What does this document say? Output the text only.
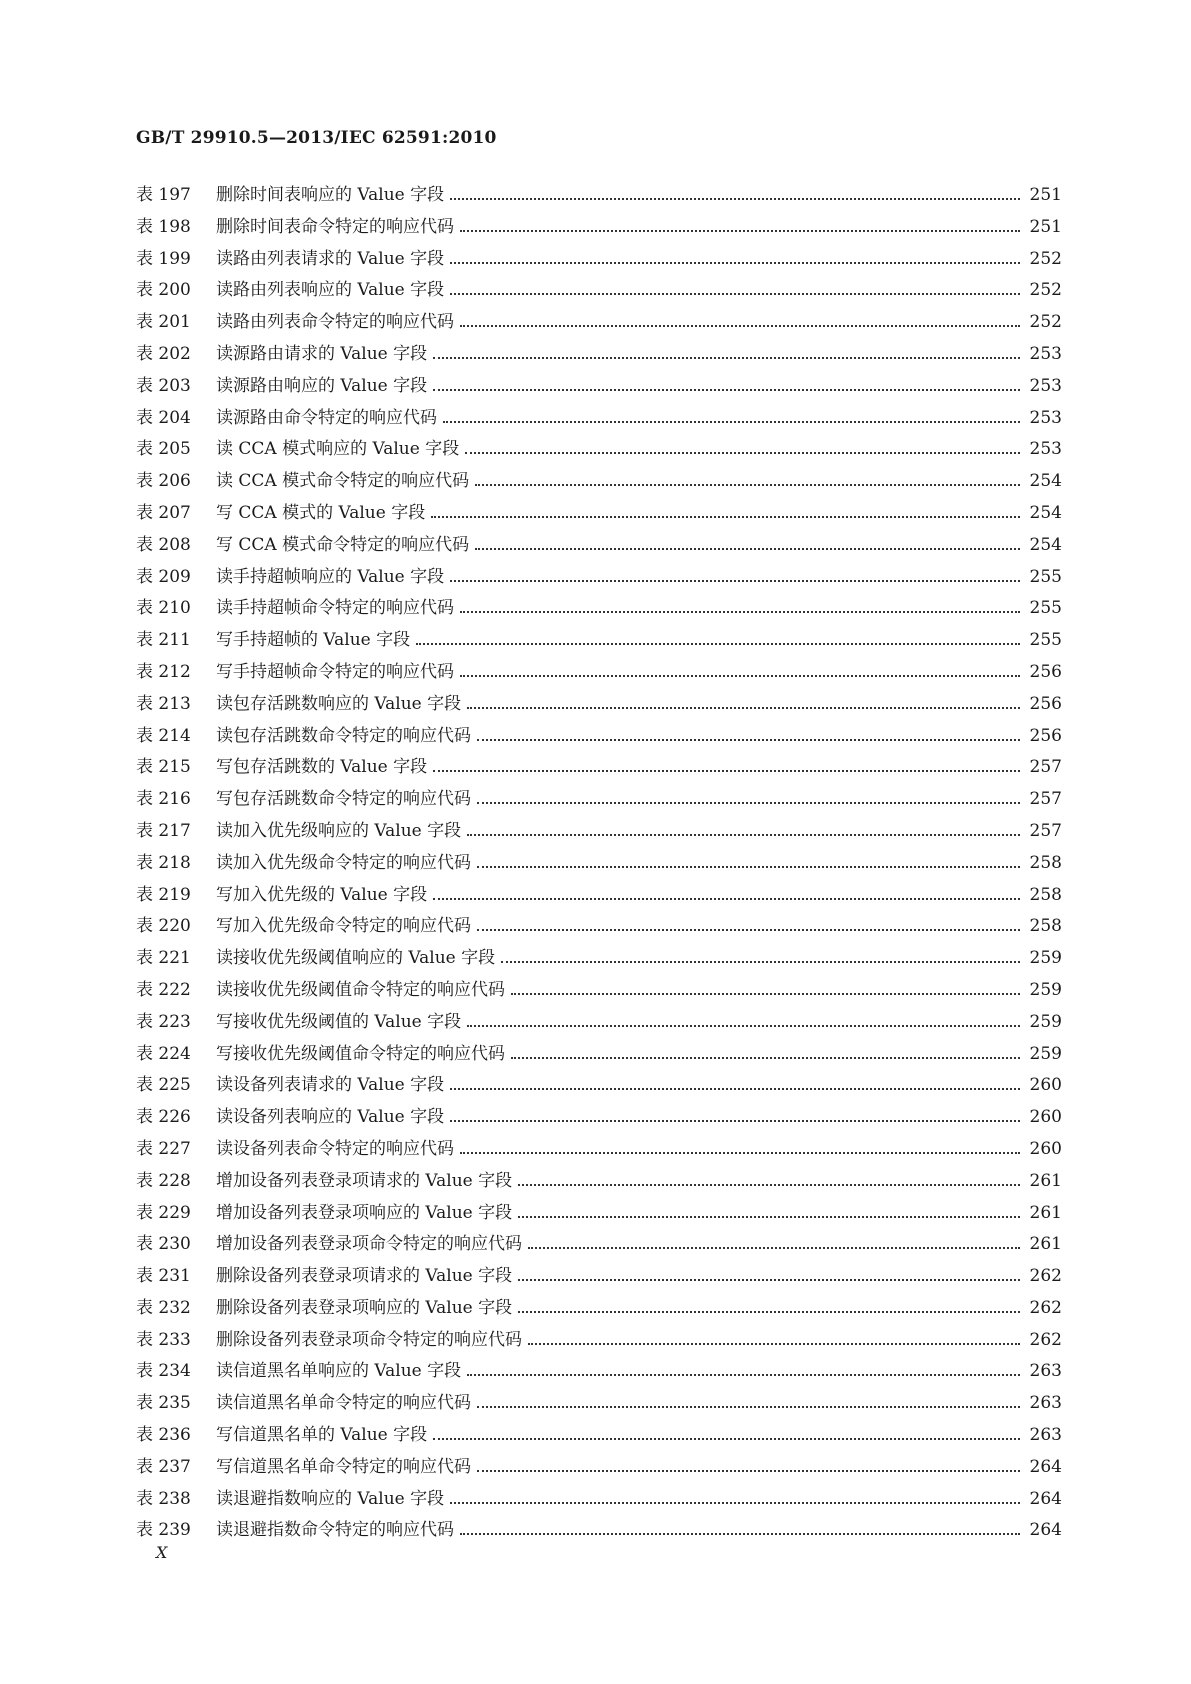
GB/T 29910.5—2013/IEC 62591:2010
表 197	删除时间表响应的 Value 字段	251
表 198	删除时间表命令特定的响应代码	251
表 199	读路由列表请求的 Value 字段	252
表 200	读路由列表响应的 Value 字段	252
表 201	读路由列表命令特定的响应代码	252
表 202	读源路由请求的 Value 字段	253
表 203	读源路由响应的 Value 字段	253
表 204	读源路由命令特定的响应代码	253
表 205	读 CCA 模式响应的 Value 字段	253
表 206	读 CCA 模式命令特定的响应代码	254
表 207	写 CCA 模式的 Value 字段	254
表 208	写 CCA 模式命令特定的响应代码	254
表 209	读手持超帧响应的 Value 字段	255
表 210	读手持超帧命令特定的响应代码	255
表 211	写手持超帧的 Value 字段	255
表 212	写手持超帧命令特定的响应代码	256
表 213	读包存活跳数响应的 Value 字段	256
表 214	读包存活跳数命令特定的响应代码	256
表 215	写包存活跳数的 Value 字段	257
表 216	写包存活跳数命令特定的响应代码	257
表 217	读加入优先级响应的 Value 字段	257
表 218	读加入优先级命令特定的响应代码	258
表 219	写加入优先级的 Value 字段	258
表 220	写加入优先级命令特定的响应代码	258
表 221	读接收优先级阈值响应的 Value 字段	259
表 222	读接收优先级阈值命令特定的响应代码	259
表 223	写接收优先级阈值的 Value 字段	259
表 224	写接收优先级阈值命令特定的响应代码	259
表 225	读设备列表请求的 Value 字段	260
表 226	读设备列表响应的 Value 字段	260
表 227	读设备列表命令特定的响应代码	260
表 228	增加设备列表登录项请求的 Value 字段	261
表 229	增加设备列表登录项响应的 Value 字段	261
表 230	增加设备列表登录项命令特定的响应代码	261
表 231	删除设备列表登录项请求的 Value 字段	262
表 232	删除设备列表登录项响应的 Value 字段	262
表 233	删除设备列表登录项命令特定的响应代码	262
表 234	读信道黑名单响应的 Value 字段	263
表 235	读信道黑名单命令特定的响应代码	263
表 236	写信道黑名单的 Value 字段	263
表 237	写信道黑名单命令特定的响应代码	264
表 238	读退避指数响应的 Value 字段	264
表 239	读退避指数命令特定的响应代码	264
X
